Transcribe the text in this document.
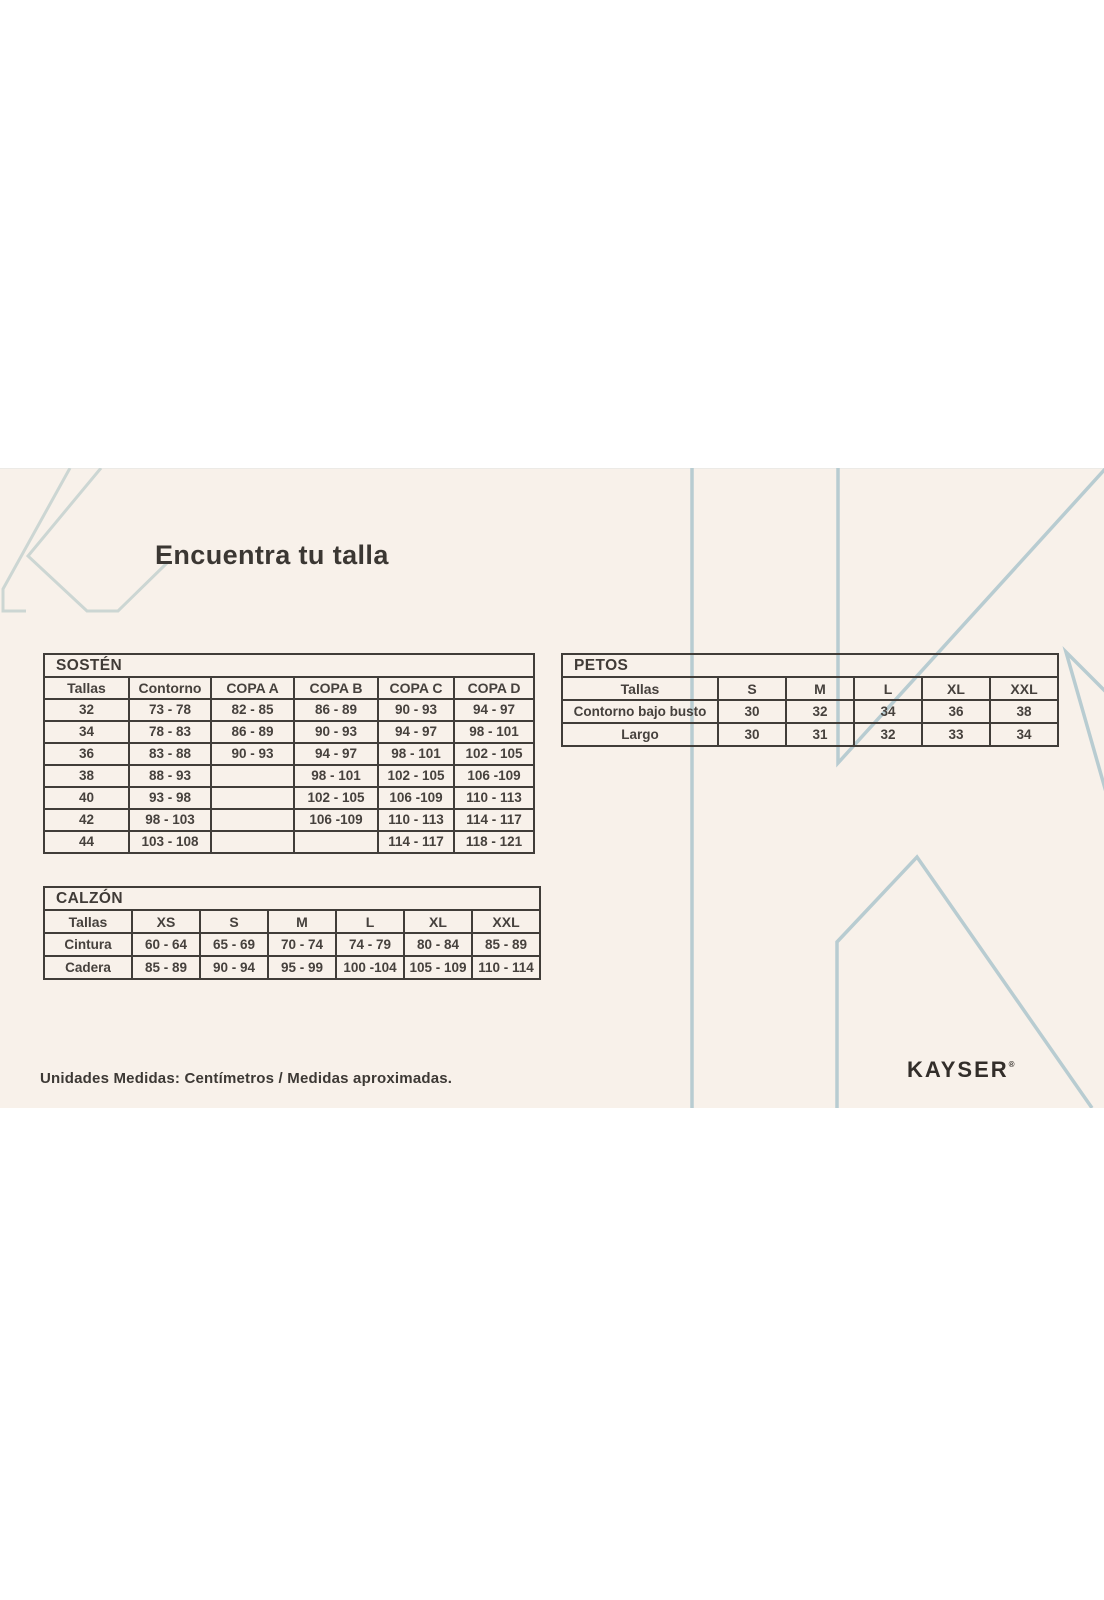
Encuentra tu talla
SOSTÉN					
Tallas	Contorno	COPA A	COPA B	COPA C	COPA D
32	73 - 78	82 - 85	86 - 89	90 - 93	94 - 97
34	78 - 83	86 - 89	90 - 93	94 - 97	98 - 101
36	83 - 88	90 - 93	94 - 97	98 - 101	102 - 105
38	88 - 93		98 - 101	102 - 105	106 -109
40	93 - 98		102 - 105	106 -109	110 - 113
42	98 - 103		106 -109	110 - 113	114 - 117
44	103 - 108			114 - 117	118 - 121
PETOS					
Tallas	S	M	L	XL	XXL
Contorno bajo busto	30	32	34	36	38
Largo	30	31	32	33	34
CALZÓN						
Tallas	XS	S	M	L	XL	XXL
Cintura	60 - 64	65 - 69	70 - 74	74 - 79	80 - 84	85 - 89
Cadera	85 - 89	90 - 94	95 - 99	100 -104	105 - 109	110 - 114

Unidades Medidas: Centímetros / Medidas aproximadas.	KAYSER®
